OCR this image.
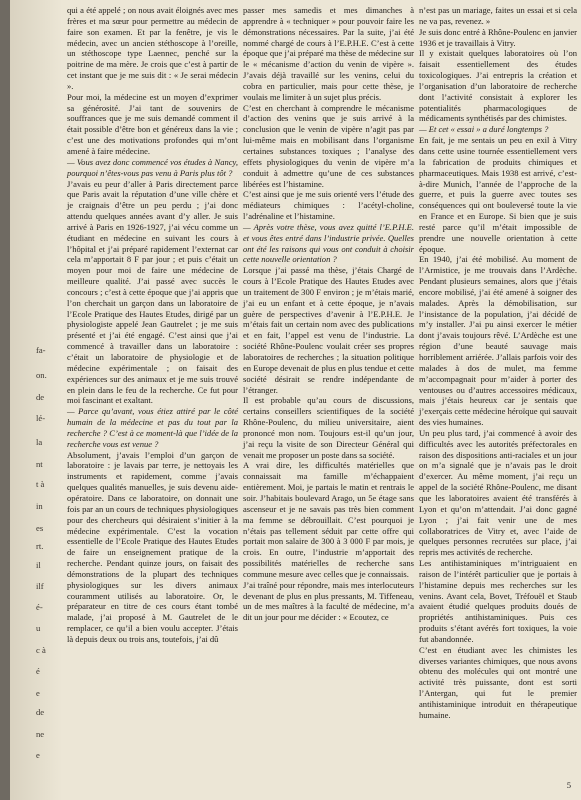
fa-
on.
de
lé-
la
nt
t à
in
es
rt.
il
ilf
é-
u
c à
é
e
de
ne
e

qui a été appelé ; on nous avait éloignés avec mes frères et ma sœur pour permettre au médecin de faire son examen. Et par la fenêtre, je vis le médecin, avec un ancien stéthoscope à l’oreille, un stéthoscope type Laennec, penché sur la poitrine de ma mère. Je crois que c’est à partir de cet instant que je me suis dit : « Je serai médecin ».

Pour moi, la médecine est un moyen d’exprimer sa générosité. J’ai tant de souvenirs de souffrances que je me suis demandé comment il était possible d’être bon et généreux dans la vie ; c’est une des motivations profondes qui m’ont amené à faire médecine.

— Vous avez donc commencé vos études à Nancy, pourquoi n’êtes-vous pas venu à Paris plus tôt ?

J’avais eu peur d’aller à Paris directement parce que Paris avait la réputation d’une ville chère et je craignais d’être un peu perdu ; j’ai donc attendu quelques années avant d’y aller. Je suis arrivé à Paris en 1926-1927, j’ai vécu comme un étudiant en médecine en suivant les cours à l’hôpital et j’ai préparé rapidement l’externat car cela m’apportait 8 F par jour ; et puis c’était un moyen pour moi de faire une médecine de meilleure qualité. J’ai passé avec succès le concours ; c’est à cette époque que j’ai appris que l’on cherchait un garçon dans un laboratoire de l’Ecole Pratique des Hautes Etudes, dirigé par un physiologiste appelé Jean Gautrelet ; je me suis présenté et j’ai été engagé. C’est ainsi que j’ai commencé à travailler dans un laboratoire : c’était un laboratoire de physiologie et de médecine expérimentale ; on faisait des expériences sur des animaux et je me suis trouvé en plein dans le feu de la recherche. Ce fut pour moi fascinant et exaltant.

— Parce qu’avant, vous étiez attiré par le côté humain de la médecine et pas du tout par la recherche ? C’est à ce moment-là que l’idée de la recherche vous est venue ?

Absolument, j’avais l’emploi d’un garçon de laboratoire : je lavais par terre, je nettoyais les instruments et rapidement, comme j’avais quelques qualités manuelles, je suis devenu aide-opératoire. Dans ce laboratoire, on donnait une fois par an un cours de techniques physiologiques pour des chercheurs qui désiraient s’initier à la médecine expérimentale. C’est la vocation essentielle de l’Ecole Pratique des Hautes Etudes de faire un enseignement pratique de la recherche. Pendant quinze jours, on faisait des démonstrations de la plupart des techniques physiologiques sur les divers animaux couramment utilisés au laboratoire. Or, le préparateur en titre de ces cours étant tombé malade, j’ai proposé à M. Gautrelet de le remplacer, ce qu’il a bien voulu accepter. J’étais là depuis deux ou trois ans, toutefois, j’ai dû

passer mes samedis et mes dimanches à apprendre à « techniquer » pour pouvoir faire les démonstrations nécessaires. Par la suite, j’ai été nommé chargé de cours à l’E.P.H.E. C’est à cette époque que j’ai préparé ma thèse de médecine sur le « mécanisme d’action du venin de vipère ». J’avais déjà travaillé sur les venins, celui du cobra en particulier, mais pour cette thèse, je voulais me limiter à un sujet plus précis.

C’est en cherchant à comprendre le mécanisme d’action des venins que je suis arrivé à la conclusion que le venin de vipère n’agit pas par lui-même mais en mobilisant dans l’organisme certaines substances toxiques ; l’analyse des effets physiologiques du venin de vipère m’a conduit à admettre qu’une de ces substances libérées est l’histamine.

C’est ainsi que je me suis orienté vers l’étude des médiateurs chimiques : l’acétyl-choline, l’adrénaline et l’histamine.

— Après votre thèse, vous avez quitté l’E.P.H.E. et vous êtes entré dans l’industrie privée. Quelles ont été les raisons qui vous ont conduit à choisir cette nouvelle orientation ?

Lorsque j’ai passé ma thèse, j’étais Chargé de cours à l’Ecole Pratique des Hautes Etudes avec un traitement de 300 F environ ; je m’étais marié, j’ai eu un enfant et à cette époque, je n’avais guère de perspectives d’avenir à l’E.P.H.E. Je m’étais fait un certain nom avec des publications et en fait, l’appel est venu de l’industrie. La société Rhône-Poulenc voulait créer ses propres laboratoires de recherches ; la situation politique en Europe devenait de plus en plus tendue et cette société désirait se rendre indépendante de l’étranger.

Il est probable qu’au cours de discussions, certains conseillers scientifiques de la société Rhône-Poulenc, du milieu universitaire, aient prononcé mon nom. Toujours est-il qu’un jour, j’ai reçu la visite de son Directeur Général qui venait me proposer un poste dans sa société.

A vrai dire, les difficultés matérielles que connaissait ma famille m’échappaient entièrement. Moi, je partais le matin et rentrais le soir. J’habitais boulevard Arago, un 5e étage sans ascenseur et je ne savais pas très bien comment ma femme se débrouillait. C’est pourquoi je n’étais pas tellement séduit par cette offre qui portait mon salaire de 300 à 3 000 F par mois, je crois. En outre, l’industrie m’apportait des possibilités matérielles de recherche sans commune mesure avec celles que je connaissais.

J’ai traîné pour répondre, mais mes interlocuteurs devenant de plus en plus pressants, M. Tiffeneau, un de mes maîtres à la faculté de médecine, m’a dit un jour pour me décider : « Ecoutez, ce

n’est pas un mariage, faites un essai et si cela ne va pas, revenez. »

Je suis donc entré à Rhône-Poulenc en janvier 1936 et je travaillais à Vitry.

Il y existait quelques laboratoires où l’on faisait essentiellement des études toxicologiques. J’ai entrepris la création et l’organisation d’un laboratoire de recherche dont l’activité consistait à explorer les potentialités pharmacologiques de médicaments synthétisés par des chimistes.

— Et cet « essai » a duré longtemps ?

En fait, je me sentais un peu en exil à Vitry dans cette usine tournée essentiellement vers la fabrication de produits chimiques et pharmaceutiques. Mais 1938 est arrivé, c’est-à-dire Munich, l’année de l’approche de la guerre, et puis la guerre avec toutes ses conséquences qui ont bouleversé toute la vie en France et en Europe. Si bien que je suis resté parce qu’il m’était impossible de prendre une nouvelle orientation à cette époque.

En 1940, j’ai été mobilisé. Au moment de l’Armistice, je me trouvais dans l’Ardèche. Pendant plusieurs semaines, alors que j’étais encore mobilisé, j’ai été amené à soigner des malades. Après la démobilisation, sur l’insistance de la population, j’ai décidé de m’y installer. J’ai pu ainsi exercer le métier dont j’avais toujours rêvé. L’Ardèche est une région d’une beauté sauvage mais horriblement arriérée. J’allais parfois voir des malades à dos de mulet, ma femme m’accompagnait pour m’aider à porter des ventouses ou d’autres accessoires médicaux, mais j’étais heureux car je sentais que j’exerçais cette médecine héroïque qui sauvait des vies humaines.

Un peu plus tard, j’ai commencé à avoir des difficultés avec les autorités préfectorales en raison des dispositions anti-raciales et un jour on m’a signalé que je n’avais pas le droit d’exercer. Au même moment, j’ai reçu un appel de la société Rhône-Poulenc, me disant que les laboratoires avaient été transférés à Lyon et qu’on m’attendait. J’ai donc gagné Lyon ; j’ai fait venir une de mes collaboratrices de Vitry et, avec l’aide de quelques personnes recrutées sur place, j’ai repris mes activités de recherche.

Les antihistaminiques m’intriguaient en raison de l’intérêt particulier que je portais à l’histamine depuis mes recherches sur les venins. Avant cela, Bovet, Tréfouël et Staub avaient étudié quelques produits doués de propriétés antihistaminiques. Puis ces produits s’étant avérés fort toxiques, la voie fut abandonnée.

C’est en étudiant avec les chimistes les diverses variantes chimiques, que nous avons obtenu des molécules qui ont montré une activité très puissante, dont est sorti l’Antergan, qui fut le premier antihistaminique introduit en thérapeutique humaine.

5
